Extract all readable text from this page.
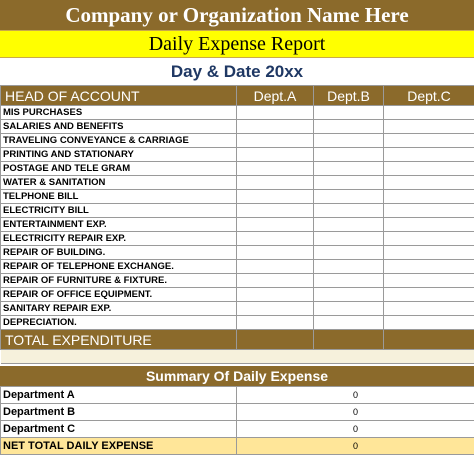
Company or Organization Name Here
Daily Expense Report
Day & Date 20xx
HEAD OF ACCOUNT	Dept.A	Dept.B	Dept.C
MIS PURCHASES			
SALARIES AND BENEFITS			
TRAVELING CONVEYANCE & CARRIAGE			
PRINTING AND STATIONARY			
POSTAGE AND TELE GRAM			
WATER & SANITATION			
TELPHONE BILL			
ELECTRICITY BILL			
ENTERTAINMENT EXP.			
ELECTRICITY REPAIR EXP.			
REPAIR OF BUILDING.			
REPAIR OF TELEPHONE EXCHANGE.			
REPAIR OF FURNITURE & FIXTURE.			
REPAIR OF OFFICE EQUIPMENT.			
SANITARY REPAIR EXP.			
DEPRECIATION.			
TOTAL EXPENDITURE			

Summary Of Daily Expense
Department A	0
Department B	0
Department C	0
NET TOTAL DAILY EXPENSE	0
